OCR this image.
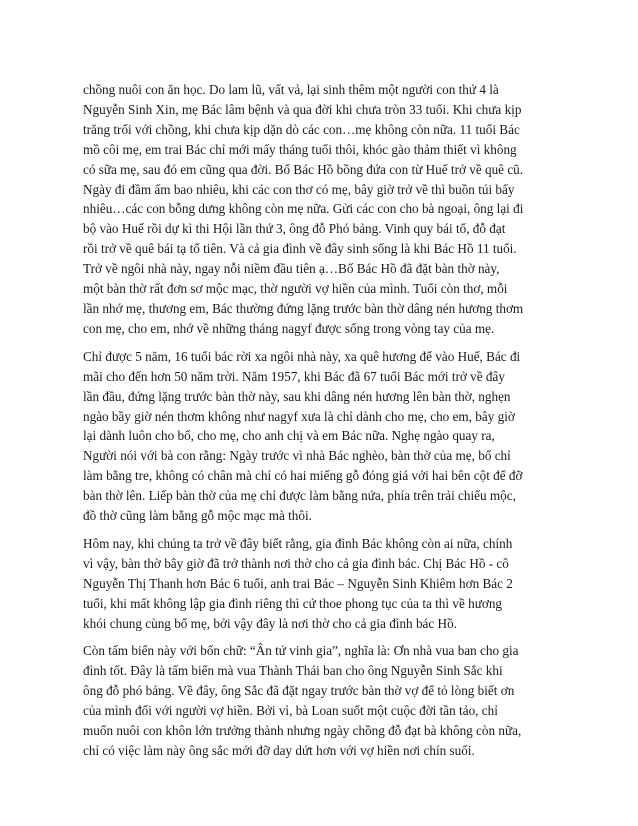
chồng nuôi con ăn học. Do lam lũ, vất vả, lại sinh thêm một người con thứ 4 là
Nguyễn Sinh Xin, mẹ Bác lâm bệnh và qua đời khi chưa tròn 33 tuổi. Khi chưa kịp
trăng trối với chồng, khi chưa kịp dặn dò các con…mẹ không còn nữa. 11 tuổi Bác
mồ côi mẹ, em trai Bác chỉ mới mấy tháng tuổi thôi, khóc gào thảm thiết vì không
có sữa mẹ, sau đó em cũng qua đời. Bố Bác Hồ bồng đứa con từ Huế trở về quê cũ.
Ngày đi đầm ấm bao nhiêu, khi các con thơ có mẹ, bây giờ trở về thì buồn túi bấy
nhiêu…các con bỗng dưng không còn mẹ nữa. Gửi các con cho bà ngoại, ông lại đi
bộ vào Huế rồi dự kì thi Hội lần thứ 3, ông đỗ Phó bảng. Vinh quy bái tổ, đỗ đạt
rồi trở về quê bái tạ tổ tiên. Và cả gia đình về đây sinh sống là khi Bác Hồ 11 tuổi.
Trở về ngôi nhà này, ngay nỗi niềm đầu tiên ạ…Bố Bác Hồ đã đặt bàn thờ này,
một bàn thờ rất đơn sơ mộc mạc, thờ người vợ hiền của mình. Tuổi còn thơ, mỗi
lần nhớ mẹ, thương em, Bác thường đứng lặng trước bàn thờ dâng nén hương thơm
con mẹ, cho em, nhớ về những tháng nagyf được sống trong vòng tay của mẹ.
Chỉ được 5 năm, 16 tuổi bác rời xa ngôi nhà này, xa quê hương để vào Huế, Bác đi
mãi cho đến hơn 50 năm trời. Năm 1957, khi Bác đã 67 tuổi Bác mới trở về đây
lần đầu, đứng lặng trước bàn thờ này, sau khi dâng nén hương lên bàn thờ, nghẹn
ngào bầy giờ nén thơm không như nagyf xưa là chỉ dành cho mẹ, cho em, bây giờ
lại dành luôn cho bố, cho mẹ, cho anh chị và em Bác nữa. Nghẹ ngào quay ra,
Người nói với bà con rằng: Ngày trước vì nhà Bác nghèo, bàn thờ của mẹ, bố chỉ
làm bằng tre, không có chân mà chỉ có hai miếng gỗ đóng giá với hai bên cột để đỡ
bàn thờ lên. Liếp bàn thờ của mẹ chỉ được làm bằng nứa, phía trên trải chiếu mộc,
đồ thờ cũng làm bằng gỗ mộc mạc mà thôi.
Hôm nay, khi chúng ta trở về đây biết rằng, gia đình Bác không còn ai nữa, chính
vì vậy, bàn thờ bây giờ đã trở thành nơi thờ cho cả gia đình bác. Chị Bác Hồ - cô
Nguyễn Thị Thanh hơn Bác 6 tuổi, anh trai Bác – Nguyễn Sinh Khiêm hơn Bác 2
tuổi, khi mất không lập gia đình riêng thì cứ thoe phong tục của ta thì về hương
khói chung cùng bố mẹ, bởi vậy đây là nơi thờ cho cả gia đình bác Hồ.
Còn tấm biển này với bốn chữ: “Ân tứ vinh gia”, nghĩa là: Ơn nhà vua ban cho gia
đình tốt. Đây là tấm biển mà vua Thành Thái ban cho ông Nguyễn Sinh Sắc khi
ông đỗ phó bảng. Về đây, ông Sắc đã đặt ngay trước bàn thờ vợ để tỏ lòng biết ơn
của mình đối với người vợ hiền. Bởi vì, bà Loan suốt một cuộc đời tần tảo, chỉ
muốn nuôi con khôn lớn trưởng thành nhưng ngày chồng đỗ đạt bà không còn nữa,
chỉ có việc làm này ông sắc mới đỡ day dứt hơn với vợ hiền nơi chín suối.
